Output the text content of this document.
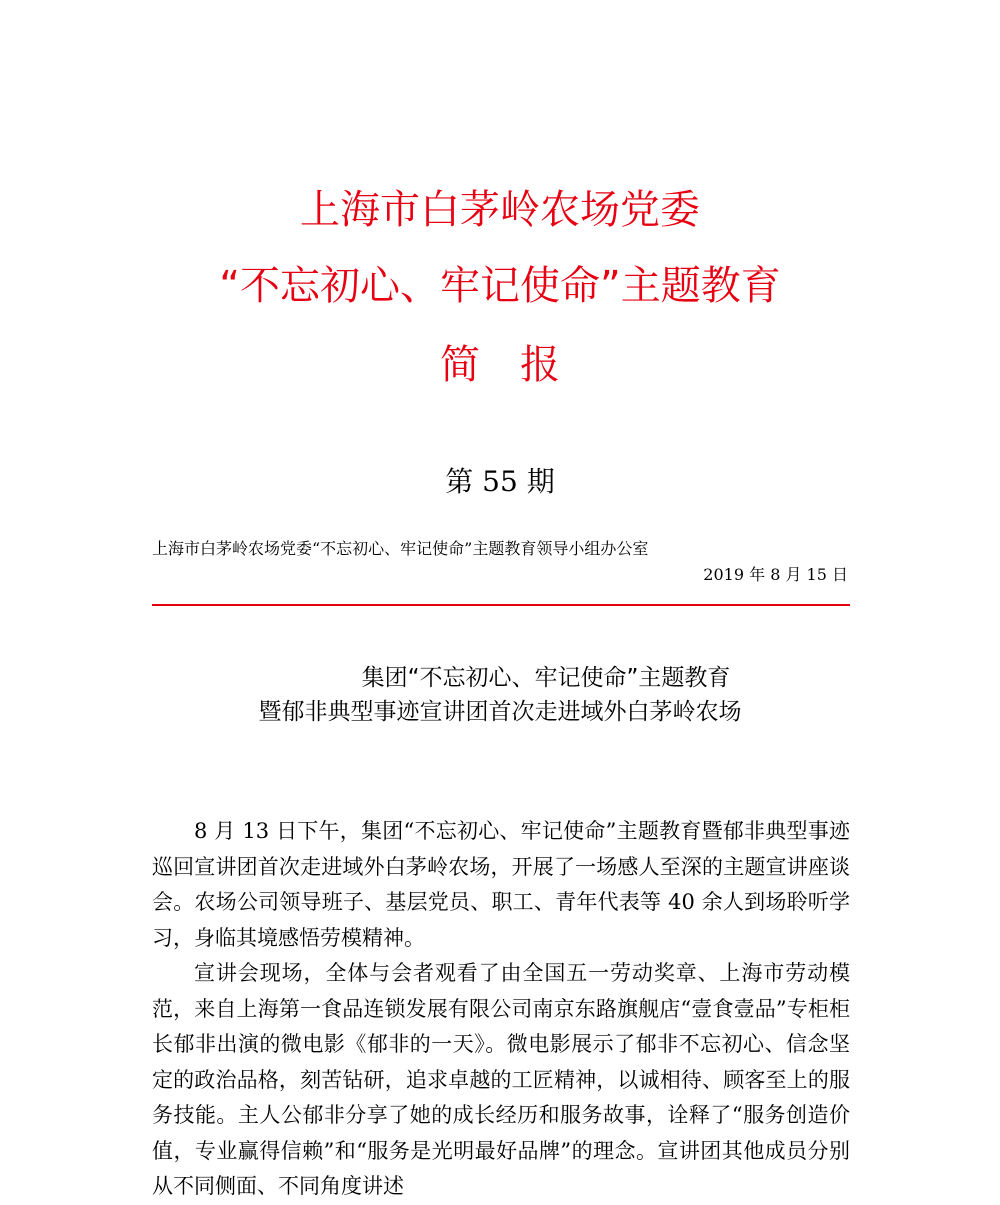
上海市白茅岭农场党委
“不忘初心、牢记使命”主题教育
简报
第 55 期
上海市白茅岭农场党委“不忘初心、牢记使命”主题教育领导小组办公室
2019 年 8 月 15 日
集团“不忘初心、牢记使命”主题教育
暨郁非典型事迹宣讲团首次走进域外白茅岭农场

8 月 13 日下午，集团“不忘初心、牢记使命”主题教育暨郁非典型事迹巡回宣讲团首次走进域外白茅岭农场，开展了一场感人至深的主题宣讲座谈会。农场公司领导班子、基层党员、职工、青年代表等 40 余人到场聆听学习，身临其境感悟劳模精神。

宣讲会现场，全体与会者观看了由全国五一劳动奖章、上海市劳动模范，来自上海第一食品连锁发展有限公司南京东路旗舰店“壹食壹品”专柜柜长郁非出演的微电影《郁非的一天》。微电影展示了郁非不忘初心、信念坚定的政治品格，刻苦钻研，追求卓越的工匠精神，以诚相待、顾客至上的服务技能。主人公郁非分享了她的成长经历和服务故事，诠释了“服务创造价值，专业赢得信赖”和“服务是光明最好品牌”的理念。宣讲团其他成员分别从不同侧面、不同角度讲述
